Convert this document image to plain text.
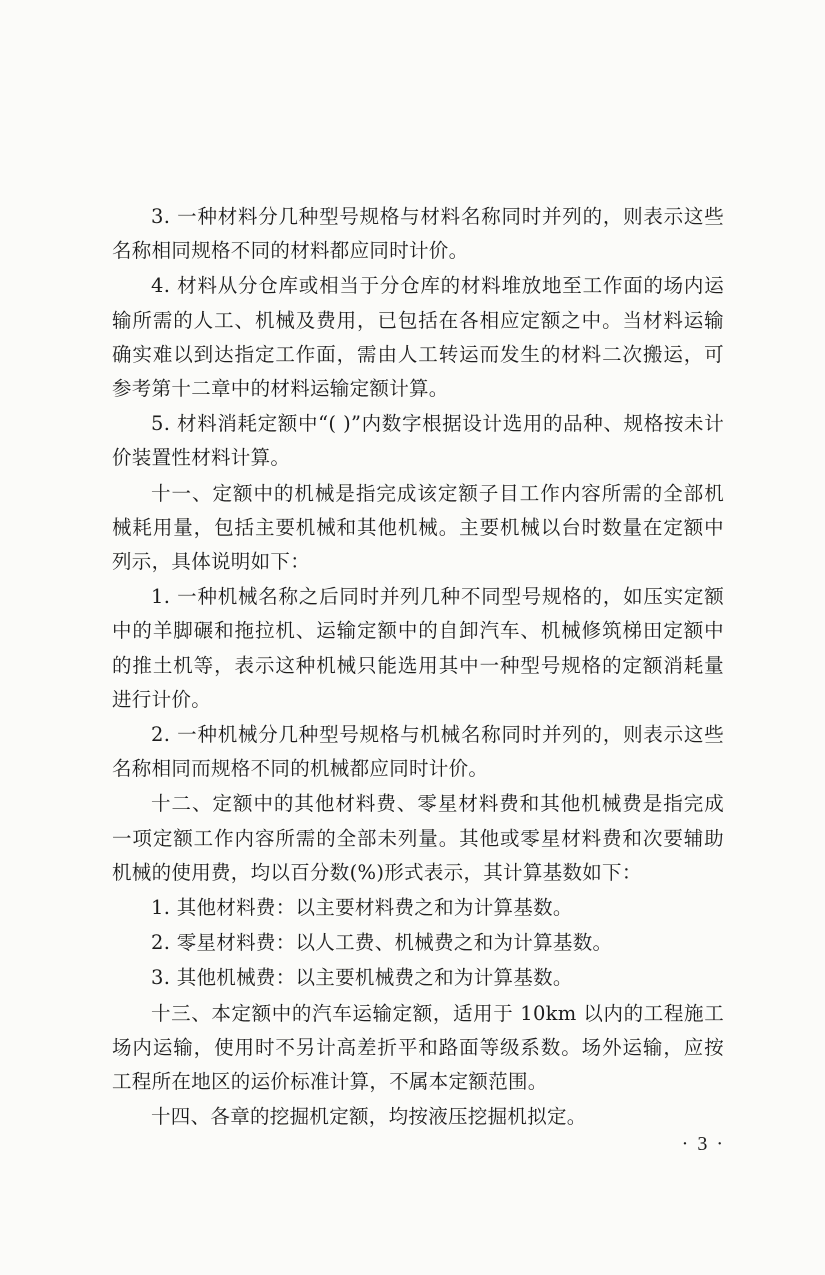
3. 一种材料分几种型号规格与材料名称同时并列的，则表示这些名称相同规格不同的材料都应同时计价。

4. 材料从分仓库或相当于分仓库的材料堆放地至工作面的场内运输所需的人工、机械及费用，已包括在各相应定额之中。当材料运输确实难以到达指定工作面，需由人工转运而发生的材料二次搬运，可参考第十二章中的材料运输定额计算。

5. 材料消耗定额中“( )”内数字根据设计选用的品种、规格按未计价装置性材料计算。

十一、定额中的机械是指完成该定额子目工作内容所需的全部机械耗用量，包括主要机械和其他机械。主要机械以台时数量在定额中列示，具体说明如下：

1. 一种机械名称之后同时并列几种不同型号规格的，如压实定额中的羊脚碾和拖拉机、运输定额中的自卸汽车、机械修筑梯田定额中的推土机等，表示这种机械只能选用其中一种型号规格的定额消耗量进行计价。

2. 一种机械分几种型号规格与机械名称同时并列的，则表示这些名称相同而规格不同的机械都应同时计价。

十二、定额中的其他材料费、零星材料费和其他机械费是指完成一项定额工作内容所需的全部未列量。其他或零星材料费和次要辅助机械的使用费，均以百分数(%)形式表示，其计算基数如下：

1. 其他材料费：以主要材料费之和为计算基数。

2. 零星材料费：以人工费、机械费之和为计算基数。

3. 其他机械费：以主要机械费之和为计算基数。

十三、本定额中的汽车运输定额，适用于 10km 以内的工程施工场内运输，使用时不另计高差折平和路面等级系数。场外运输，应按工程所在地区的运价标准计算，不属本定额范围。

十四、各章的挖掘机定额，均按液压挖掘机拟定。

· 3 ·
